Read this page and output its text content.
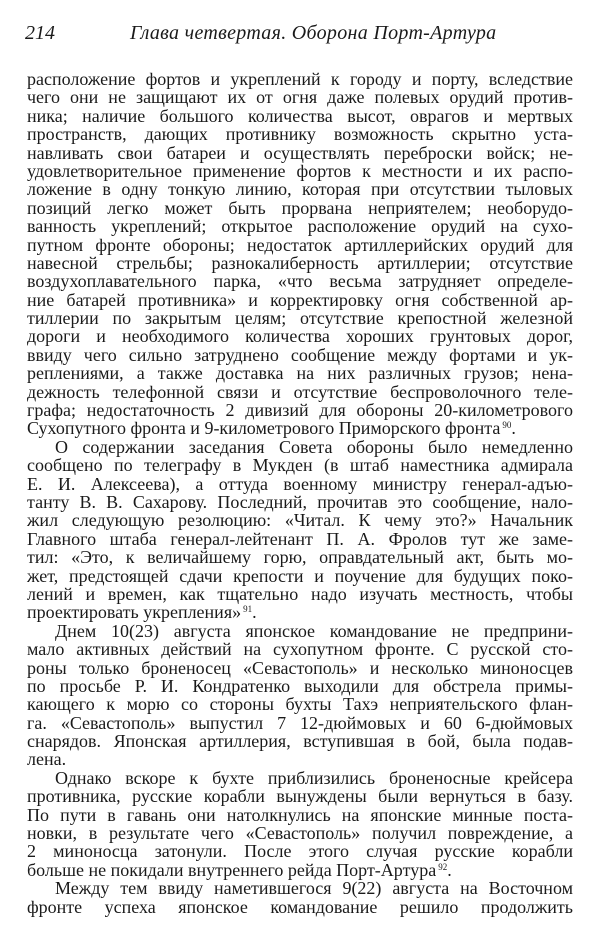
214	Глава четвертая. Оборона Порт-Артура
расположение фортов и укреплений к городу и порту, вследствие
чего они не защищают их от огня даже полевых орудий против-
ника; наличие большого количества высот, оврагов и мертвых
пространств, дающих противнику возможность скрытно уста-
навливать свои батареи и осуществлять переброски войск; не-
удовлетворительное применение фортов к местности и их распо-
ложение в одну тонкую линию, которая при отсутствии тыловых
позиций легко может быть прорвана неприятелем; необорудо-
ванность укреплений; открытое расположение орудий на сухо-
путном фронте обороны; недостаток артиллерийских орудий для
навесной стрельбы; разнокалиберность артиллерии; отсутствие
воздухоплавательного парка, «что весьма затрудняет определе-
ние батарей противника» и корректировку огня собственной ар-
тиллерии по закрытым целям; отсутствие крепостной железной
дороги и необходимого количества хороших грунтовых дорог,
ввиду чего сильно затруднено сообщение между фортами и ук-
реплениями, а также доставка на них различных грузов; нена-
дежность телефонной связи и отсутствие беспроволочного теле-
графа; недостаточность 2 дивизий для обороны 20-километрового
Сухопутного фронта и 9-километрового Приморского фронта $^{90}$.
О содержании заседания Совета обороны было немедленно
сообщено по телеграфу в Мукден (в штаб наместника адмирала
Е. И. Алексеева), а оттуда военному министру генерал-адъю-
танту В. В. Сахарову. Последний, прочитав это сообщение, нало-
жил следующую резолюцию: «Читал. К чему это?» Начальник
Главного штаба генерал-лейтенант П. А. Фролов тут же заме-
тил: «Это, к величайшему горю, оправдательный акт, быть мо-
жет, предстоящей сдачи крепости и поучение для будущих поко-
лений и времен, как тщательно надо изучать местность, чтобы
проектировать укрепления» $^{91}$.
Днем 10(23) августа японское командование не предприни-
мало активных действий на сухопутном фронте. С русской сто-
роны только броненосец «Севастополь» и несколько миноносцев
по просьбе Р. И. Кондратенко выходили для обстрела примы-
кающего к морю со стороны бухты Тахэ неприятельского флан-
га. «Севастополь» выпустил 7 12-дюймовых и 60 6-дюймовых
снарядов. Японская артиллерия, вступившая в бой, была подав-
лена.
Однако вскоре к бухте приблизились броненосные крейсера
противника, русские корабли вынуждены были вернуться в базу.
По пути в гавань они натолкнулись на японские минные поста-
новки, в результате чего «Севастополь» получил повреждение, а
2 миноносца затонули. После этого случая русские корабли
больше не покидали внутреннего рейда Порт-Артура $^{92}$.
Между тем ввиду наметившегося 9(22) августа на Восточном
фронте успеха японское командование решило продолжить
